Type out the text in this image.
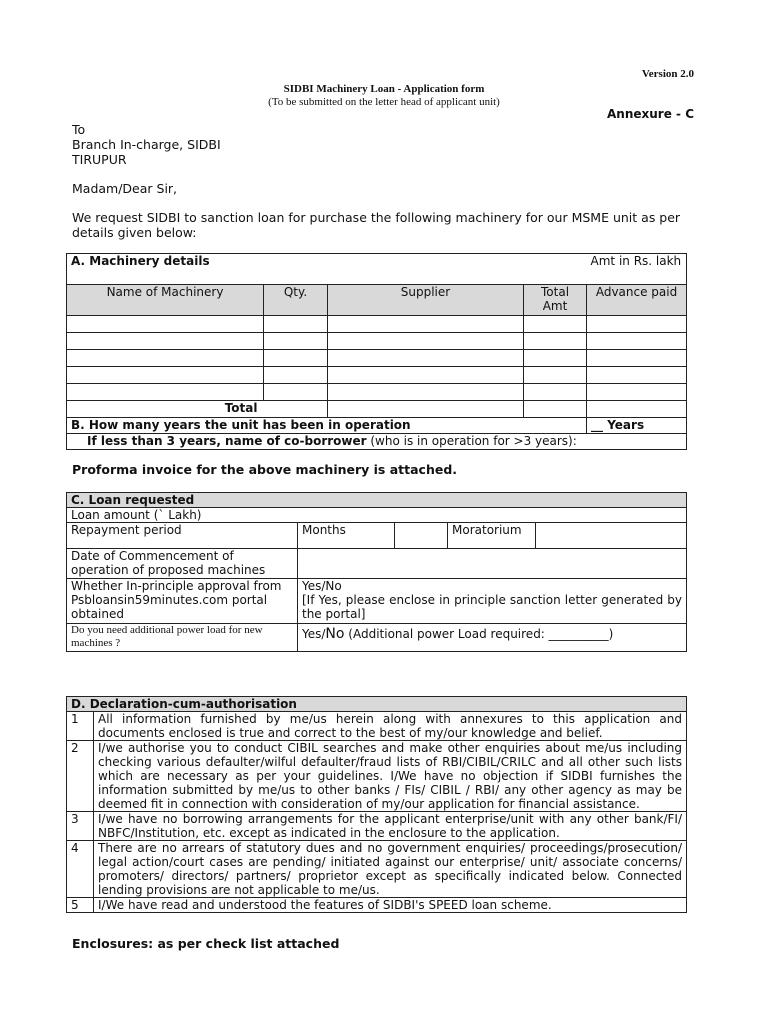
Version 2.0
SIDBI Machinery Loan - Application form
(To be submitted on the letter head of applicant unit)
Annexure - C
To
Branch In-charge, SIDBI
TIRUPUR
Madam/Dear Sir,
We request SIDBI to sanction loan for purchase the following machinery for our MSME unit as per details given below:
A. Machinery details				Amt in Rs. lakh
Name of Machinery	Qty.	Supplier	Total Amt	Advance paid

Total				
B. How many years the unit has been in operation				__ Years
If less than 3 years, name of co-borrower (who is in operation for >3 years):				
Proforma invoice for the above machinery is attached.
C. Loan requested				
Loan amount (` Lakh)				
Repayment period	Months		Moratorium	
Date of Commencement of operation of proposed machines				
Whether In-principle approval from Psbloansin59minutes.com portal obtained	Yes/No
[If Yes, please enclose in principle sanction letter generated by the portal]			

Do you need additional power load for new machines ?	Yes/No (Additional power Load required: __________)			
D. Declaration-cum-authorisation	
1	All information furnished by me/us herein along with annexures to this application and documents enclosed is true and correct to the best of my/our knowledge and belief.
2	I/we authorise you to conduct CIBIL searches and make other enquiries about me/us including checking various defaulter/wilful defaulter/fraud lists of RBI/CIBIL/CRILC and all other such lists which are necessary as per your guidelines. I/We have no objection if SIDBI furnishes the information submitted by me/us to other banks / FIs/ CIBIL / RBI/ any other agency as may be deemed fit in connection with consideration of my/our application for financial assistance.
3	I/we have no borrowing arrangements for the applicant enterprise/unit with any other bank/FI/ NBFC/Institution, etc. except as indicated in the enclosure to the application.
4	There are no arrears of statutory dues and no government enquiries/ proceedings/prosecution/ legal action/court cases are pending/ initiated against our enterprise/ unit/ associate concerns/ promoters/ directors/ partners/ proprietor except as specifically indicated below. Connected lending provisions are not applicable to me/us.
5	I/We have read and understood the features of SIDBI's SPEED loan scheme.
Enclosures: as per check list attached
